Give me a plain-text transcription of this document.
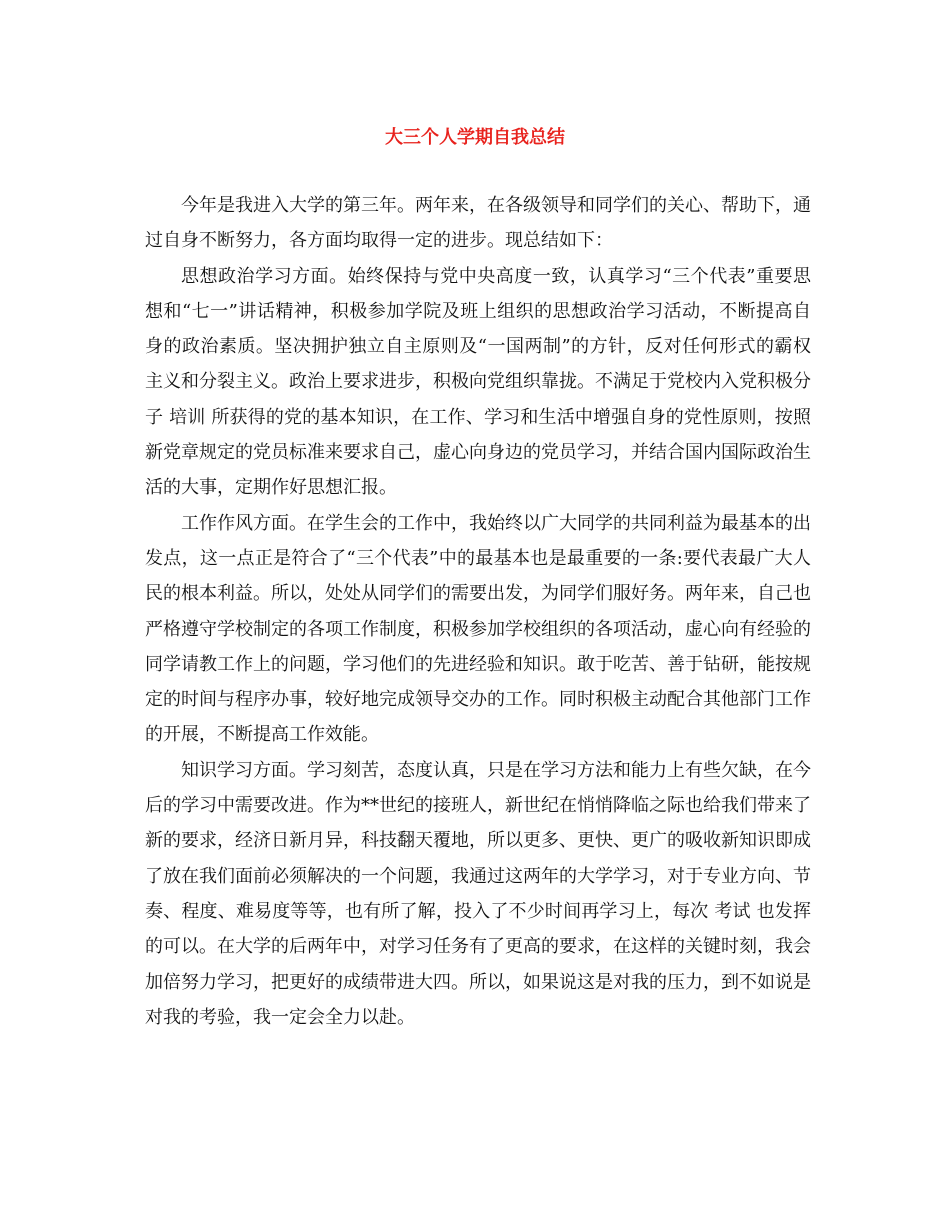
大三个人学期自我总结

今年是我进入大学的第三年。两年来，在各级领导和同学们的关心、帮助下，通过自身不断努力，各方面均取得一定的进步。现总结如下：

思想政治学习方面。始终保持与党中央高度一致，认真学习“三个代表”重要思想和“七一”讲话精神，积极参加学院及班上组织的思想政治学习活动，不断提高自身的政治素质。坚决拥护独立自主原则及“一国两制”的方针，反对任何形式的霸权主义和分裂主义。政治上要求进步，积极向党组织靠拢。不满足于党校内入党积极分子 培训 所获得的党的基本知识，在工作、学习和生活中增强自身的党性原则，按照新党章规定的党员标准来要求自己，虚心向身边的党员学习，并结合国内国际政治生活的大事，定期作好思想汇报。

工作作风方面。在学生会的工作中，我始终以广大同学的共同利益为最基本的出发点，这一点正是符合了“三个代表”中的最基本也是最重要的一条:要代表最广大人民的根本利益。所以，处处从同学们的需要出发，为同学们服好务。两年来，自己也严格遵守学校制定的各项工作制度，积极参加学校组织的各项活动，虚心向有经验的同学请教工作上的问题，学习他们的先进经验和知识。敢于吃苦、善于钻研，能按规定的时间与程序办事，较好地完成领导交办的工作。同时积极主动配合其他部门工作的开展，不断提高工作效能。

知识学习方面。学习刻苦，态度认真，只是在学习方法和能力上有些欠缺，在今后的学习中需要改进。作为**世纪的接班人，新世纪在悄悄降临之际也给我们带来了新的要求，经济日新月异，科技翻天覆地，所以更多、更快、更广的吸收新知识即成了放在我们面前必须解决的一个问题，我通过这两年的大学学习，对于专业方向、节奏、程度、难易度等等，也有所了解，投入了不少时间再学习上，每次 考试 也发挥的可以。在大学的后两年中，对学习任务有了更高的要求，在这样的关键时刻，我会加倍努力学习，把更好的成绩带进大四。所以，如果说这是对我的压力，到不如说是对我的考验，我一定会全力以赴。
